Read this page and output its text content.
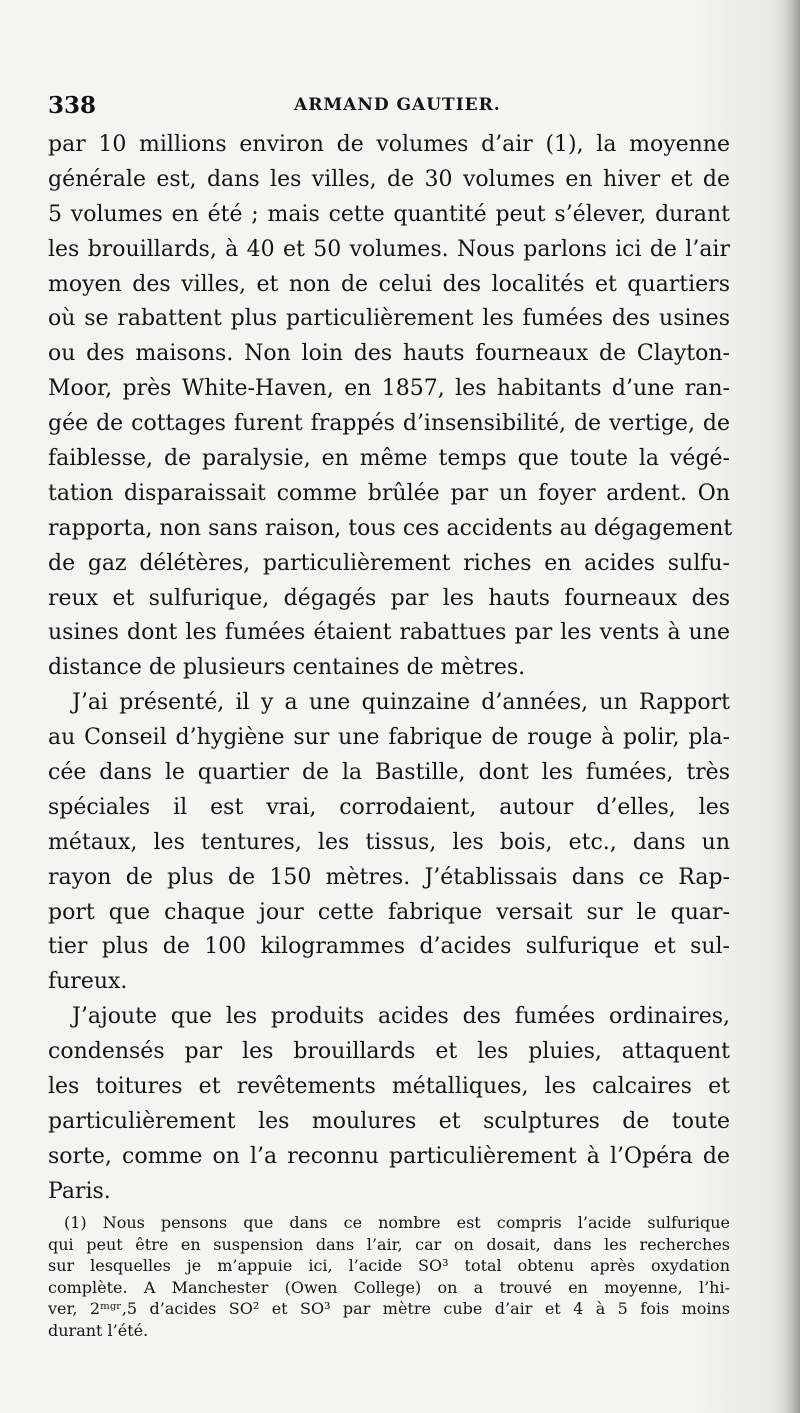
338	ARMAND GAUTIER.
par 10 millions environ de volumes d’air (1), la moyenne
générale est, dans les villes, de 30 volumes en hiver et de
5 volumes en été ; mais cette quantité peut s’élever, durant
les brouillards, à 40 et 50 volumes. Nous parlons ici de l’air
moyen des villes, et non de celui des localités et quartiers
où se rabattent plus particulièrement les fumées des usines
ou des maisons. Non loin des hauts fourneaux de Clayton-
Moor, près White-Haven, en 1857, les habitants d’une ran-
gée de cottages furent frappés d’insensibilité, de vertige, de
faiblesse, de paralysie, en même temps que toute la végé-
tation disparaissait comme brûlée par un foyer ardent. On
rapporta, non sans raison, tous ces accidents au dégagement
de gaz délétères, particulièrement riches en acides sulfu-
reux et sulfurique, dégagés par les hauts fourneaux des
usines dont les fumées étaient rabattues par les vents à une
distance de plusieurs centaines de mètres.
J’ai présenté, il y a une quinzaine d’années, un Rapport
au Conseil d’hygiène sur une fabrique de rouge à polir, pla-
cée dans le quartier de la Bastille, dont les fumées, très
spéciales il est vrai, corrodaient, autour d’elles, les
métaux, les tentures, les tissus, les bois, etc., dans un
rayon de plus de 150 mètres. J’établissais dans ce Rap-
port que chaque jour cette fabrique versait sur le quar-
tier plus de 100 kilogrammes d’acides sulfurique et sul-
fureux.
J’ajoute que les produits acides des fumées ordinaires,
condensés par les brouillards et les pluies, attaquent
les toitures et revêtements métalliques, les calcaires et
particulièrement les moulures et sculptures de toute
sorte, comme on l’a reconnu particulièrement à l’Opéra de
Paris.
(1) Nous pensons que dans ce nombre est compris l’acide sulfurique
qui peut être en suspension dans l’air, car on dosait, dans les recherches
sur lesquelles je m’appuie ici, l’acide SO³ total obtenu après oxydation
complète. A Manchester (Owen College) on a trouvé en moyenne, l’hi-
ver, 2ᵐᵍʳ,5 d’acides SO² et SO³ par mètre cube d’air et 4 à 5 fois moins
durant l’été.
